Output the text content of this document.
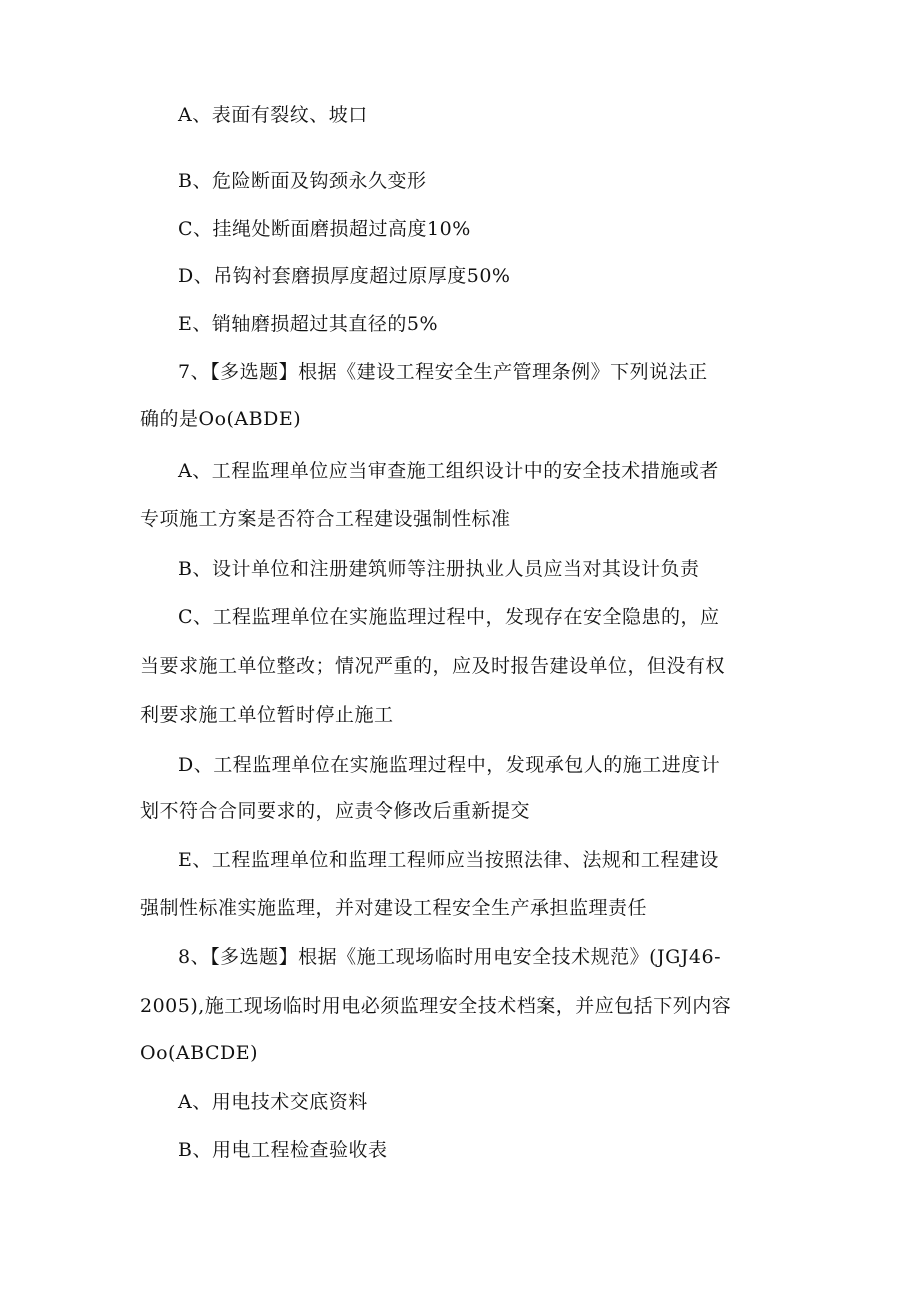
A、表面有裂纹、坡口
B、危险断面及钩颈永久变形
C、挂绳处断面磨损超过高度10%
D、吊钩衬套磨损厚度超过原厚度50%
E、销轴磨损超过其直径的5%
7、【多选题】根据《建设工程安全生产管理条例》下列说法正
确的是Oo(ABDE)
A、工程监理单位应当审查施工组织设计中的安全技术措施或者
专项施工方案是否符合工程建设强制性标准
B、设计单位和注册建筑师等注册执业人员应当对其设计负责
C、工程监理单位在实施监理过程中，发现存在安全隐患的，应
当要求施工单位整改；情况严重的，应及时报告建设单位，但没有权
利要求施工单位暂时停止施工
D、工程监理单位在实施监理过程中，发现承包人的施工进度计
划不符合合同要求的，应责令修改后重新提交
E、工程监理单位和监理工程师应当按照法律、法规和工程建设
强制性标准实施监理，并对建设工程安全生产承担监理责任
8、【多选题】根据《施工现场临时用电安全技术规范》(JGJ46-
2005),施工现场临时用电必须监理安全技术档案，并应包括下列内容
Oo(ABCDE)
A、用电技术交底资料
B、用电工程检查验收表
